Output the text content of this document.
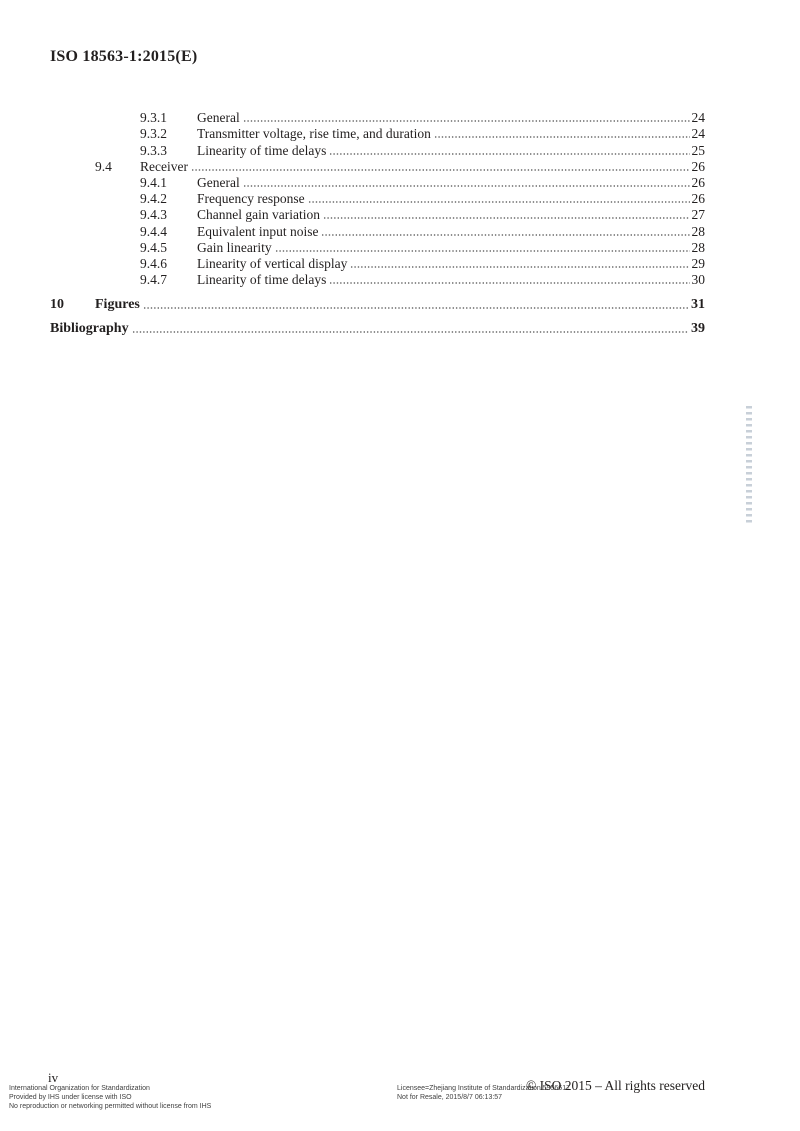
ISO 18563-1:2015(E)
9.3.1	General	24
9.3.2	Transmitter voltage, rise time, and duration	24
9.3.3	Linearity of time delays	25
9.4	Receiver	26
9.4.1	General	26
9.4.2	Frequency response	26
9.4.3	Channel gain variation	27
9.4.4	Equivalent input noise	28
9.4.5	Gain linearity	28
9.4.6	Linearity of vertical display	29
9.4.7	Linearity of time delays	30
10	Figures	31
Bibliography	39
iv
International Organization for Standardization
Provided by IHS under license with ISO
No reproduction or networking permitted without license from IHS
Licensee=Zhejiang Institute of Standardization 5956617
Not for Resale, 2015/8/7 06:13:57
© ISO 2015 – All rights reserved
